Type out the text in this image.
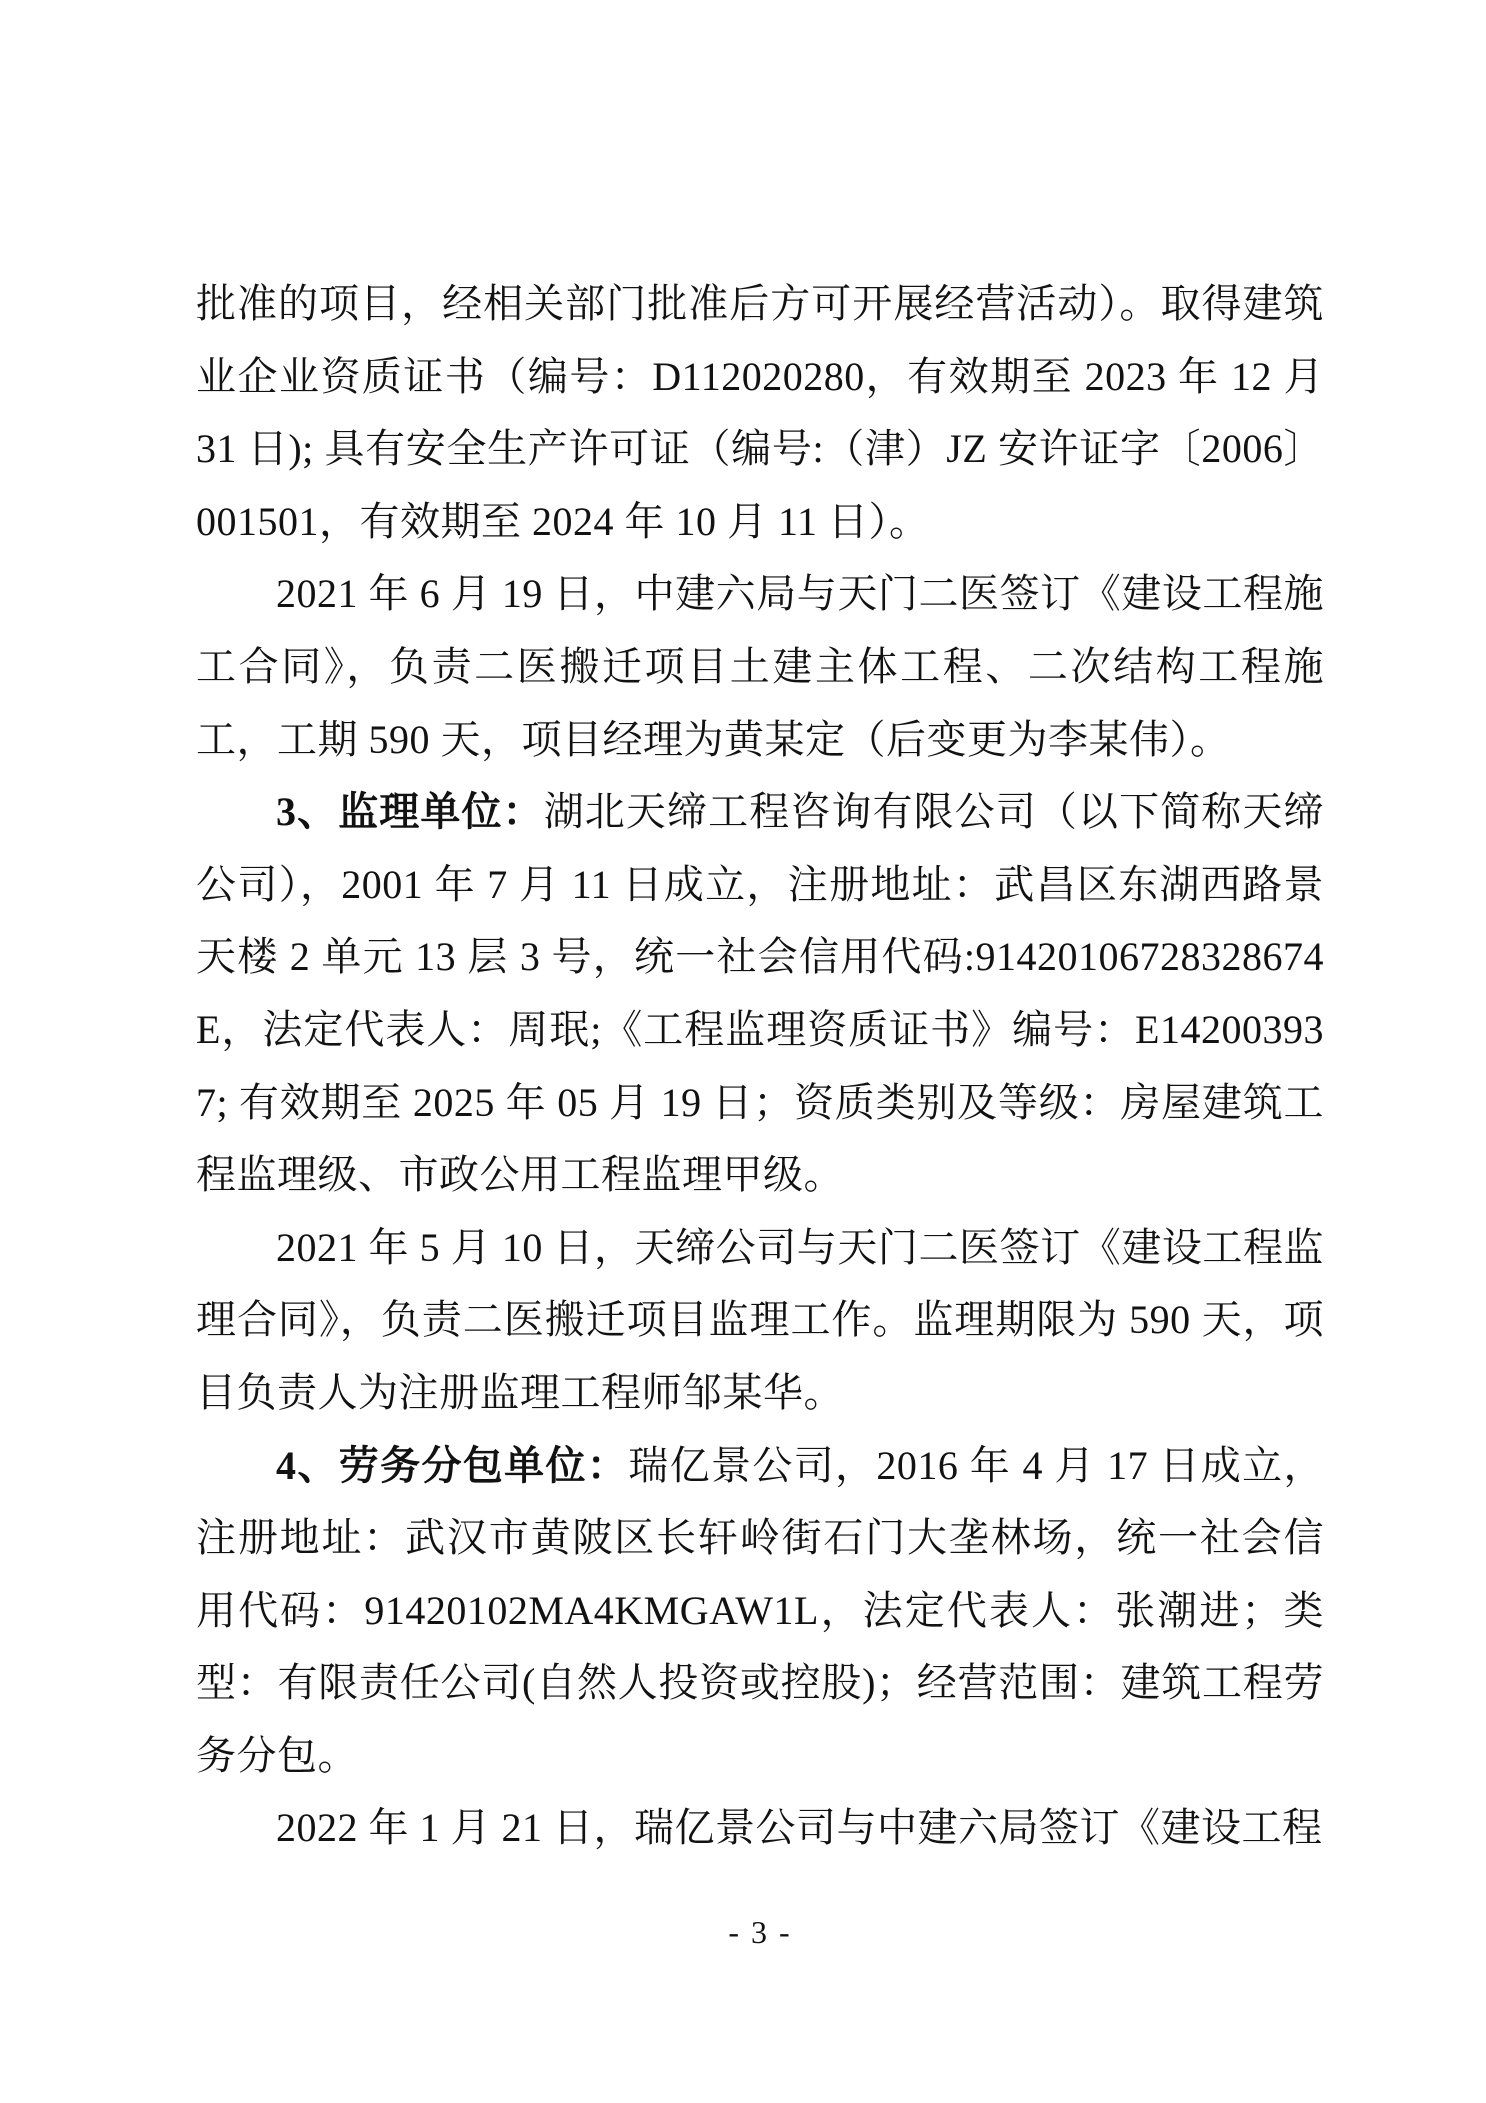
批准的项目，经相关部门批准后方可开展经营活动）。取得建筑业企业资质证书（编号：D112020280，有效期至 2023 年 12 月 31 日); 具有安全生产许可证（编号:（津）JZ 安许证字〔2006〕001501，有效期至 2024 年 10 月 11 日）。

2021 年 6 月 19 日，中建六局与天门二医签订《建设工程施工合同》，负责二医搬迁项目土建主体工程、二次结构工程施工，工期 590 天，项目经理为黄某定（后变更为李某伟）。

3、监理单位：湖北天缔工程咨询有限公司（以下简称天缔公司），2001 年 7 月 11 日成立，注册地址：武昌区东湖西路景天楼 2 单元 13 层 3 号，统一社会信用代码:91420106728328674E，法定代表人：周珉;《工程监理资质证书》编号：E142003937; 有效期至 2025 年 05 月 19 日；资质类别及等级：房屋建筑工程监理级、市政公用工程监理甲级。

2021 年 5 月 10 日，天缔公司与天门二医签订《建设工程监理合同》，负责二医搬迁项目监理工作。监理期限为 590 天，项目负责人为注册监理工程师邹某华。

4、劳务分包单位：瑞亿景公司，2016 年 4 月 17 日成立，注册地址：武汉市黄陂区长轩岭街石门大垄林场，统一社会信用代码：91420102MA4KMGAW1L，法定代表人：张潮进；类型：有限责任公司(自然人投资或控股)；经营范围：建筑工程劳务分包。

2022 年 1 月 21 日，瑞亿景公司与中建六局签订《建设工程

- 3 -
